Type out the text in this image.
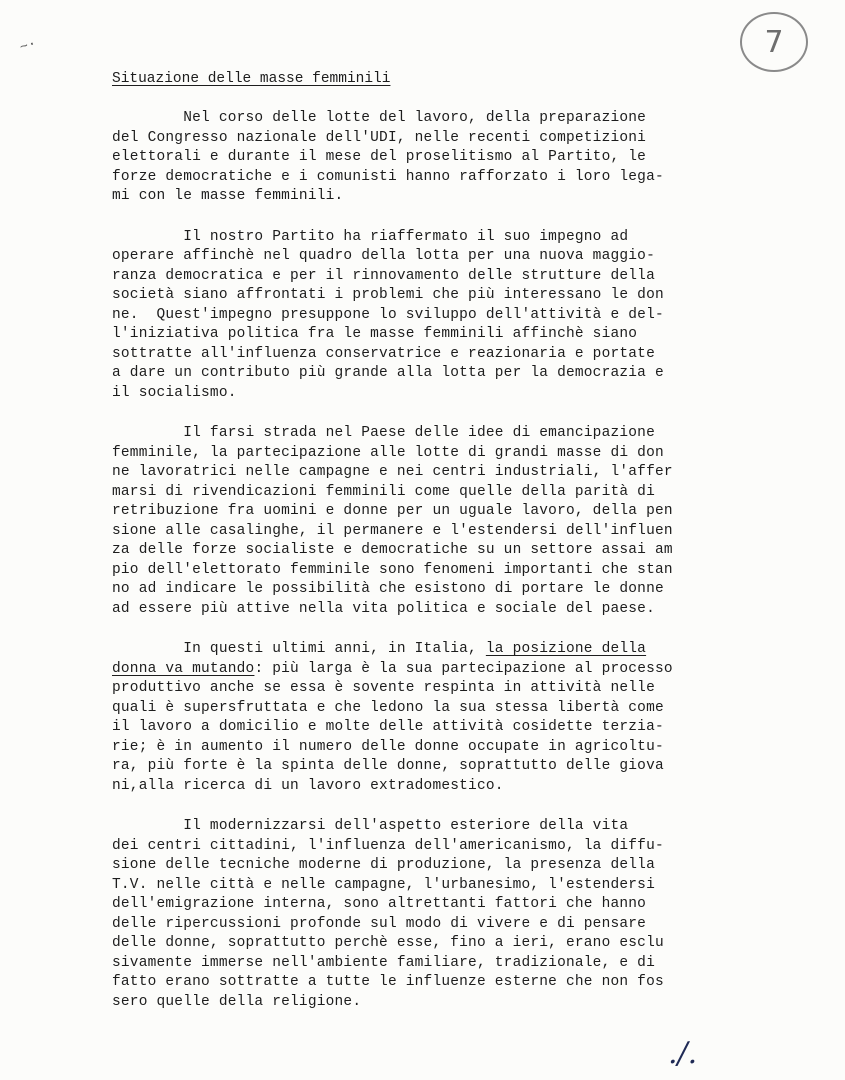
~·	7
Situazione delle masse femminili
Nel corso delle lotte del lavoro, della preparazione
del Congresso nazionale dell'UDI, nelle recenti competizioni
elettorali e durante il mese del proselitismo al Partito, le
forze democratiche e i comunisti hanno rafforzato i loro lega-
mi con le masse femminili.
Il nostro Partito ha riaffermato il suo impegno ad
operare affinchè nel quadro della lotta per una nuova maggio-
ranza democratica e per il rinnovamento delle strutture della
società siano affrontati i problemi che più interessano le don
ne.  Quest'impegno presuppone lo sviluppo dell'attività e del-
l'iniziativa politica fra le masse femminili affinchè siano
sottratte all'influenza conservatrice e reazionaria e portate
a dare un contributo più grande alla lotta per la democrazia e
il socialismo.
Il farsi strada nel Paese delle idee di emancipazione
femminile, la partecipazione alle lotte di grandi masse di don
ne lavoratrici nelle campagne e nei centri industriali, l'affer
marsi di rivendicazioni femminili come quelle della parità di
retribuzione fra uomini e donne per un uguale lavoro, della pen
sione alle casalinghe, il permanere e l'estendersi dell'influen
za delle forze socialiste e democratiche su un settore assai am
pio dell'elettorato femminile sono fenomeni importanti che stan
no ad indicare le possibilità che esistono di portare le donne
ad essere più attive nella vita politica e sociale del paese.
In questi ultimi anni, in Italia, la posizione della
donna va mutando: più larga è la sua partecipazione al processo
produttivo anche se essa è sovente respinta in attività nelle
quali è supersfruttata e che ledono la sua stessa libertà come
il lavoro a domicilio e molte delle attività cosidette terzia-
rie; è in aumento il numero delle donne occupate in agricoltu-
ra, più forte è la spinta delle donne, soprattutto delle giova
ni,alla ricerca di un lavoro extradomestico.
Il modernizzarsi dell'aspetto esteriore della vita
dei centri cittadini, l'influenza dell'americanismo, la diffu-
sione delle tecniche moderne di produzione, la presenza della
T.V. nelle città e nelle campagne, l'urbanesimo, l'estendersi
dell'emigrazione interna, sono altrettanti fattori che hanno
delle ripercussioni profonde sul modo di vivere e di pensare
delle donne, soprattutto perchè esse, fino a ieri, erano esclu
sivamente immerse nell'ambiente familiare, tradizionale, e di
fatto erano sottratte a tutte le influenze esterne che non fos
sero quelle della religione.
./.
